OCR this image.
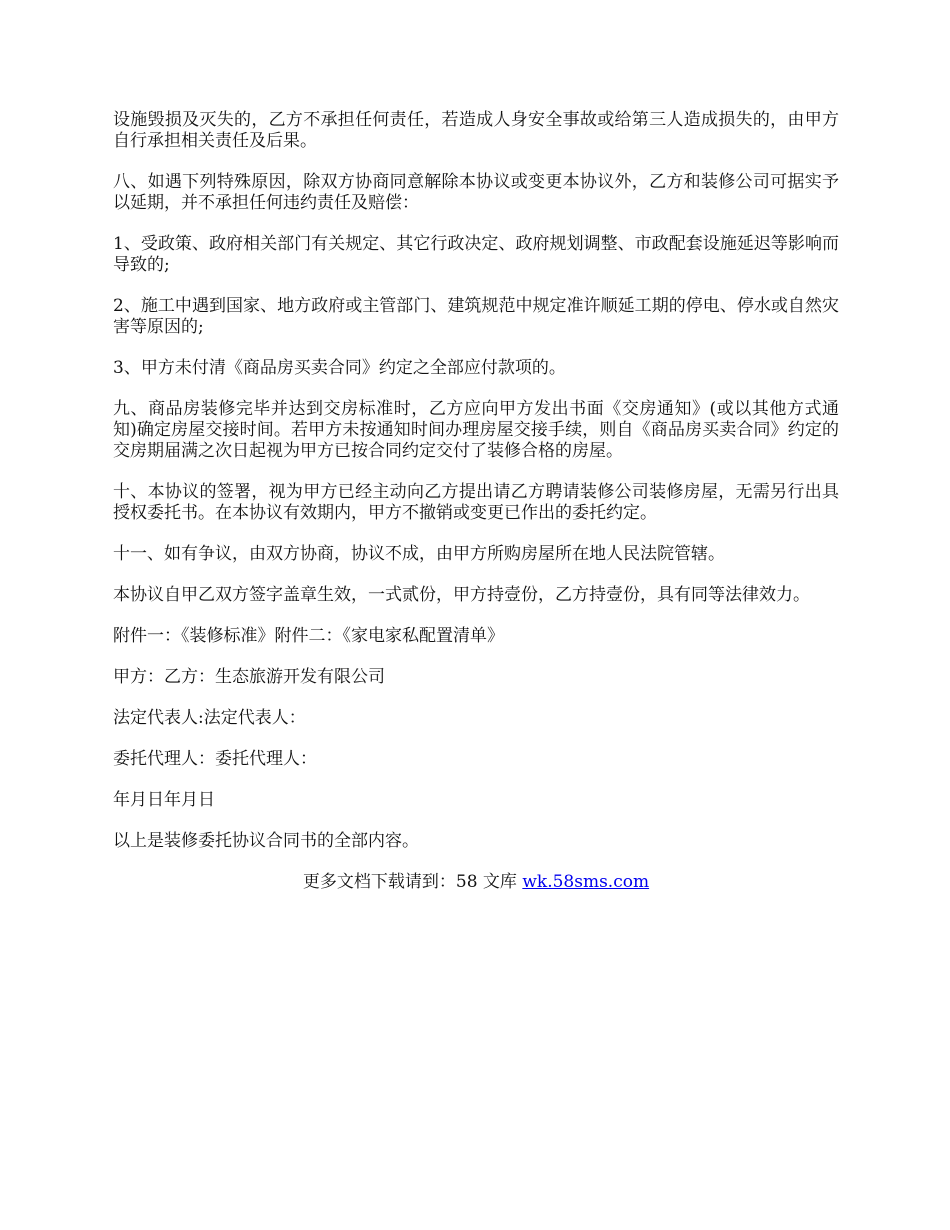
设施毁损及灭失的，乙方不承担任何责任，若造成人身安全事故或给第三人造成损失的，由甲方自行承担相关责任及后果。

八、如遇下列特殊原因，除双方协商同意解除本协议或变更本协议外，乙方和装修公司可据实予以延期，并不承担任何违约责任及赔偿：

1、受政策、政府相关部门有关规定、其它行政决定、政府规划调整、市政配套设施延迟等影响而导致的;

2、施工中遇到国家、地方政府或主管部门、建筑规范中规定准许顺延工期的停电、停水或自然灾害等原因的;

3、甲方未付清《商品房买卖合同》约定之全部应付款项的。

九、商品房装修完毕并达到交房标准时，乙方应向甲方发出书面《交房通知》(或以其他方式通知)确定房屋交接时间。若甲方未按通知时间办理房屋交接手续，则自《商品房买卖合同》约定的交房期届满之次日起视为甲方已按合同约定交付了装修合格的房屋。

十、本协议的签署，视为甲方已经主动向乙方提出请乙方聘请装修公司装修房屋，无需另行出具授权委托书。在本协议有效期内，甲方不撤销或变更已作出的委托约定。

十一、如有争议，由双方协商，协议不成，由甲方所购房屋所在地人民法院管辖。

本协议自甲乙双方签字盖章生效，一式贰份，甲方持壹份，乙方持壹份，具有同等法律效力。

附件一：《装修标准》附件二：《家电家私配置清单》

甲方：乙方：生态旅游开发有限公司

法定代表人:法定代表人：

委托代理人：委托代理人：

年月日年月日

以上是装修委托协议合同书的全部内容。

更多文档下载请到：58 文库 wk.58sms.com
